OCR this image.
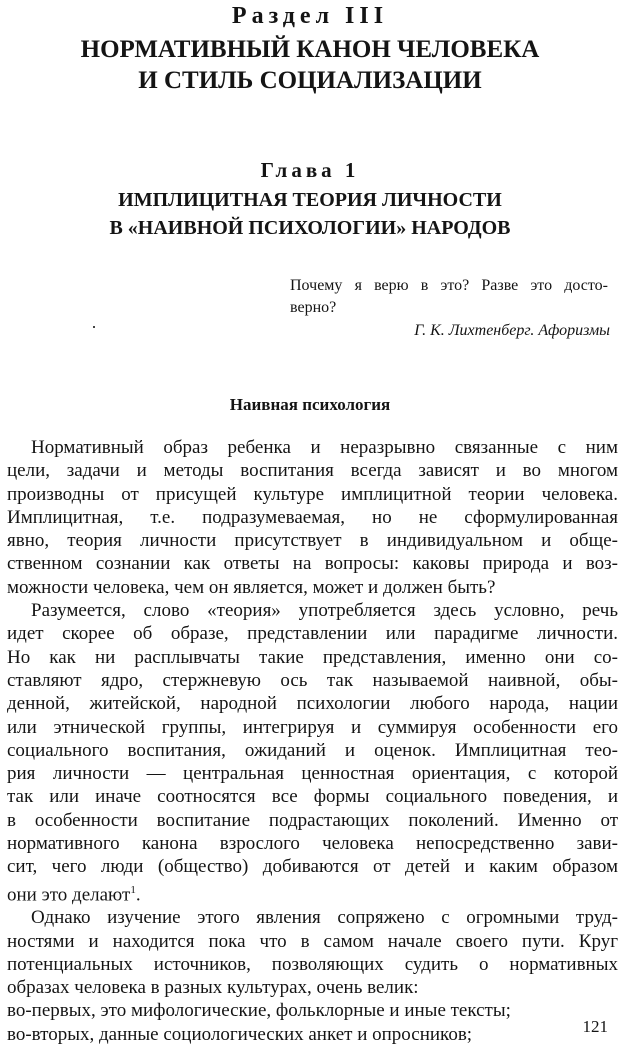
Раздел III
НОРМАТИВНЫЙ КАНОН ЧЕЛОВЕКА
И СТИЛЬ СОЦИАЛИЗАЦИИ
Глава 1
ИМПЛИЦИТНАЯ ТЕОРИЯ ЛИЧНОСТИ
В «НАИВНОЙ ПСИХОЛОГИИ» НАРОДОВ
Почему я верю в это? Разве это досто-
верно?
Г. К. Лихтенберг. Афоризмы
Наивная психология

Нормативный образ ребенка и неразрывно связанные с ним
цели, задачи и методы воспитания всегда зависят и во многом
производны от присущей культуре имплицитной теории человека.
Имплицитная, т.е. подразумеваемая, но не сформулированная
явно, теория личности присутствует в индивидуальном и обще-
ственном сознании как ответы на вопросы: каковы природа и воз-
можности человека, чем он является, может и должен быть?

Разумеется, слово «теория» употребляется здесь условно, речь
идет скорее об образе, представлении или парадигме личности.
Но как ни расплывчаты такие представления, именно они со-
ставляют ядро, стержневую ось так называемой наивной, обы-
денной, житейской, народной психологии любого народа, нации
или этнической группы, интегрируя и суммируя особенности его
социального воспитания, ожиданий и оценок. Имплицитная тео-
рия личности — центральная ценностная ориентация, с которой
так или иначе соотносятся все формы социального поведения, и
в особенности воспитание подрастающих поколений. Именно от
нормативного канона взрослого человека непосредственно зави-
сит, чего люди (общество) добиваются от детей и каким образом
они это делают$^1$.

Однако изучение этого явления сопряжено с огромными труд-
ностями и находится пока что в самом начале своего пути. Круг
потенциальных источников, позволяющих судить о нормативных
образах человека в разных культурах, очень велик:
во-первых, это мифологические, фольклорные и иные тексты;
во-вторых, данные социологических анкет и опросников;	121
